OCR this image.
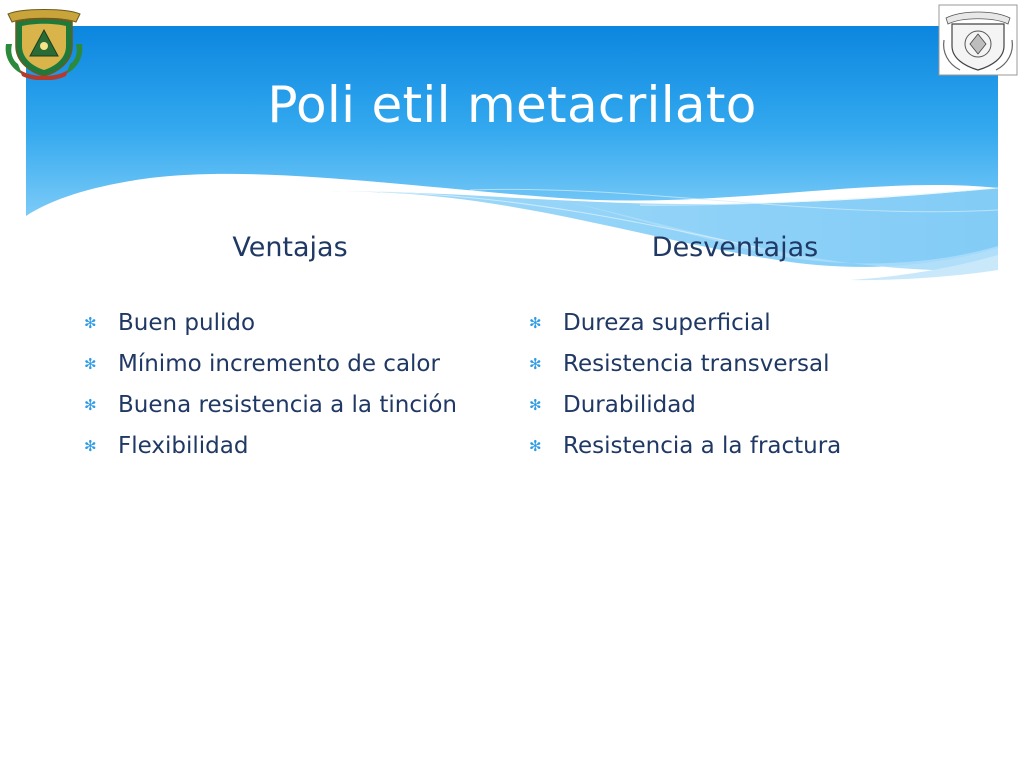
Poli etil metacrilato
Ventajas	Desventajas
✻ Buen pulido
✻ Mínimo incremento de calor
✻ Buena resistencia a la tinción
✻ Flexibilidad
✻ Dureza superficial
✻ Resistencia transversal
✻ Durabilidad
✻ Resistencia a la fractura
